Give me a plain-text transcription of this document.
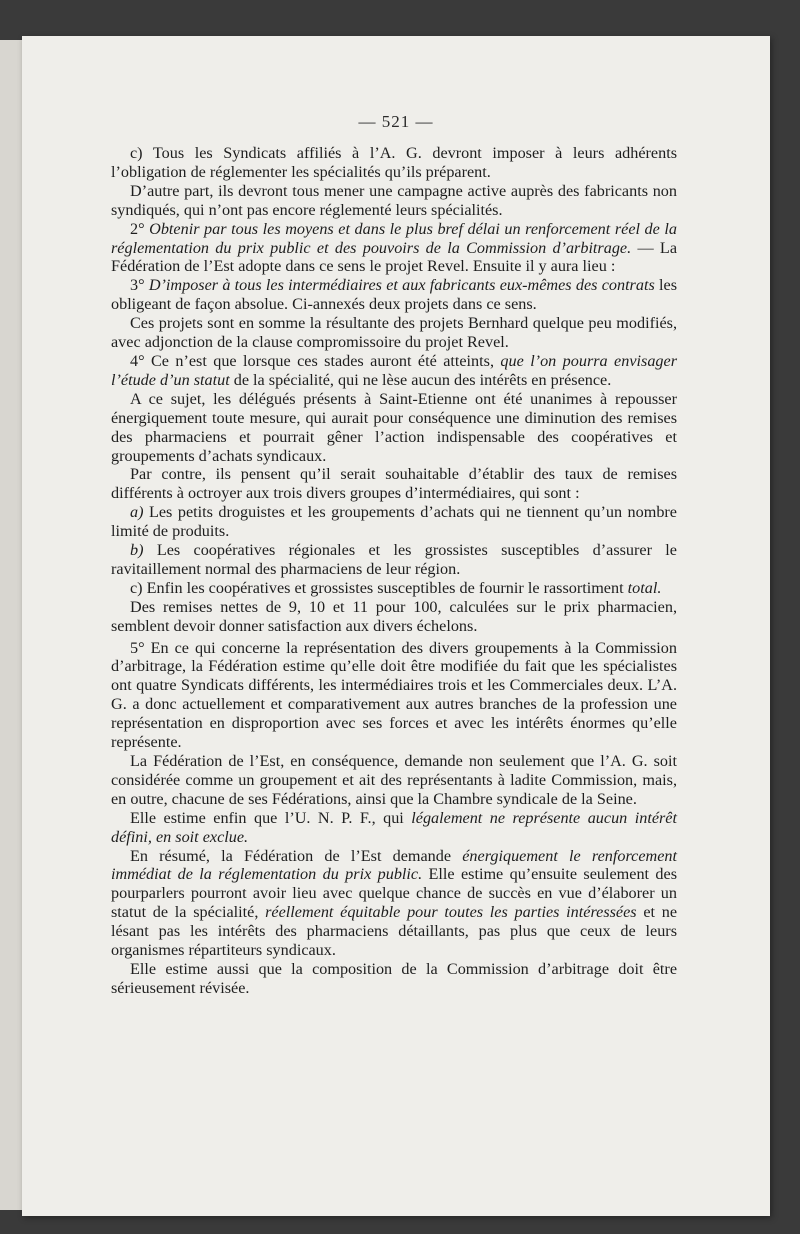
— 521 —

c) Tous les Syndicats affiliés à l’A. G. devront imposer à leurs adhérents l’obligation de réglementer les spécialités qu’ils préparent.

D’autre part, ils devront tous mener une campagne active auprès des fabricants non syndiqués, qui n’ont pas encore réglementé leurs spécialités.

2° Obtenir par tous les moyens et dans le plus bref délai un renforcement réel de la réglementation du prix public et des pouvoirs de la Commission d’arbitrage. — La Fédération de l’Est adopte dans ce sens le projet Revel. Ensuite il y aura lieu :

3° D’imposer à tous les intermédiaires et aux fabricants eux-mêmes des contrats les obligeant de façon absolue. Ci-annexés deux projets dans ce sens.

Ces projets sont en somme la résultante des projets Bernhard quelque peu modifiés, avec adjonction de la clause compromissoire du projet Revel.

4° Ce n’est que lorsque ces stades auront été atteints, que l’on pourra envisager l’étude d’un statut de la spécialité, qui ne lèse aucun des intérêts en présence.

A ce sujet, les délégués présents à Saint-Etienne ont été unanimes à repousser énergiquement toute mesure, qui aurait pour conséquence une diminution des remises des pharmaciens et pourrait gêner l’action indispensable des coopératives et groupements d’achats syndicaux.

Par contre, ils pensent qu’il serait souhaitable d’établir des taux de remises différents à octroyer aux trois divers groupes d’intermédiaires, qui sont :

a) Les petits droguistes et les groupements d’achats qui ne tiennent qu’un nombre limité de produits.

b) Les coopératives régionales et les grossistes susceptibles d’assurer le ravitaillement normal des pharmaciens de leur région.

c) Enfin les coopératives et grossistes susceptibles de fournir le rassortiment total.

Des remises nettes de 9, 10 et 11 pour 100, calculées sur le prix pharmacien, semblent devoir donner satisfaction aux divers échelons.

5° En ce qui concerne la représentation des divers groupements à la Commission d’arbitrage, la Fédération estime qu’elle doit être modifiée du fait que les spécialistes ont quatre Syndicats différents, les intermédiaires trois et les Commerciales deux. L’A. G. a donc actuellement et comparativement aux autres branches de la profession une représentation en disproportion avec ses forces et avec les intérêts énormes qu’elle représente.

La Fédération de l’Est, en conséquence, demande non seulement que l’A. G. soit considérée comme un groupement et ait des représentants à ladite Commission, mais, en outre, chacune de ses Fédérations, ainsi que la Chambre syndicale de la Seine.

Elle estime enfin que l’U. N. P. F., qui légalement ne représente aucun intérêt défini, en soit exclue.

En résumé, la Fédération de l’Est demande énergiquement le renforcement immédiat de la réglementation du prix public. Elle estime qu’ensuite seulement des pourparlers pourront avoir lieu avec quelque chance de succès en vue d’élaborer un statut de la spécialité, réellement équitable pour toutes les parties intéressées et ne lésant pas les intérêts des pharmaciens détaillants, pas plus que ceux de leurs organismes répartiteurs syndicaux.

Elle estime aussi que la composition de la Commission d’arbitrage doit être sérieusement révisée.
